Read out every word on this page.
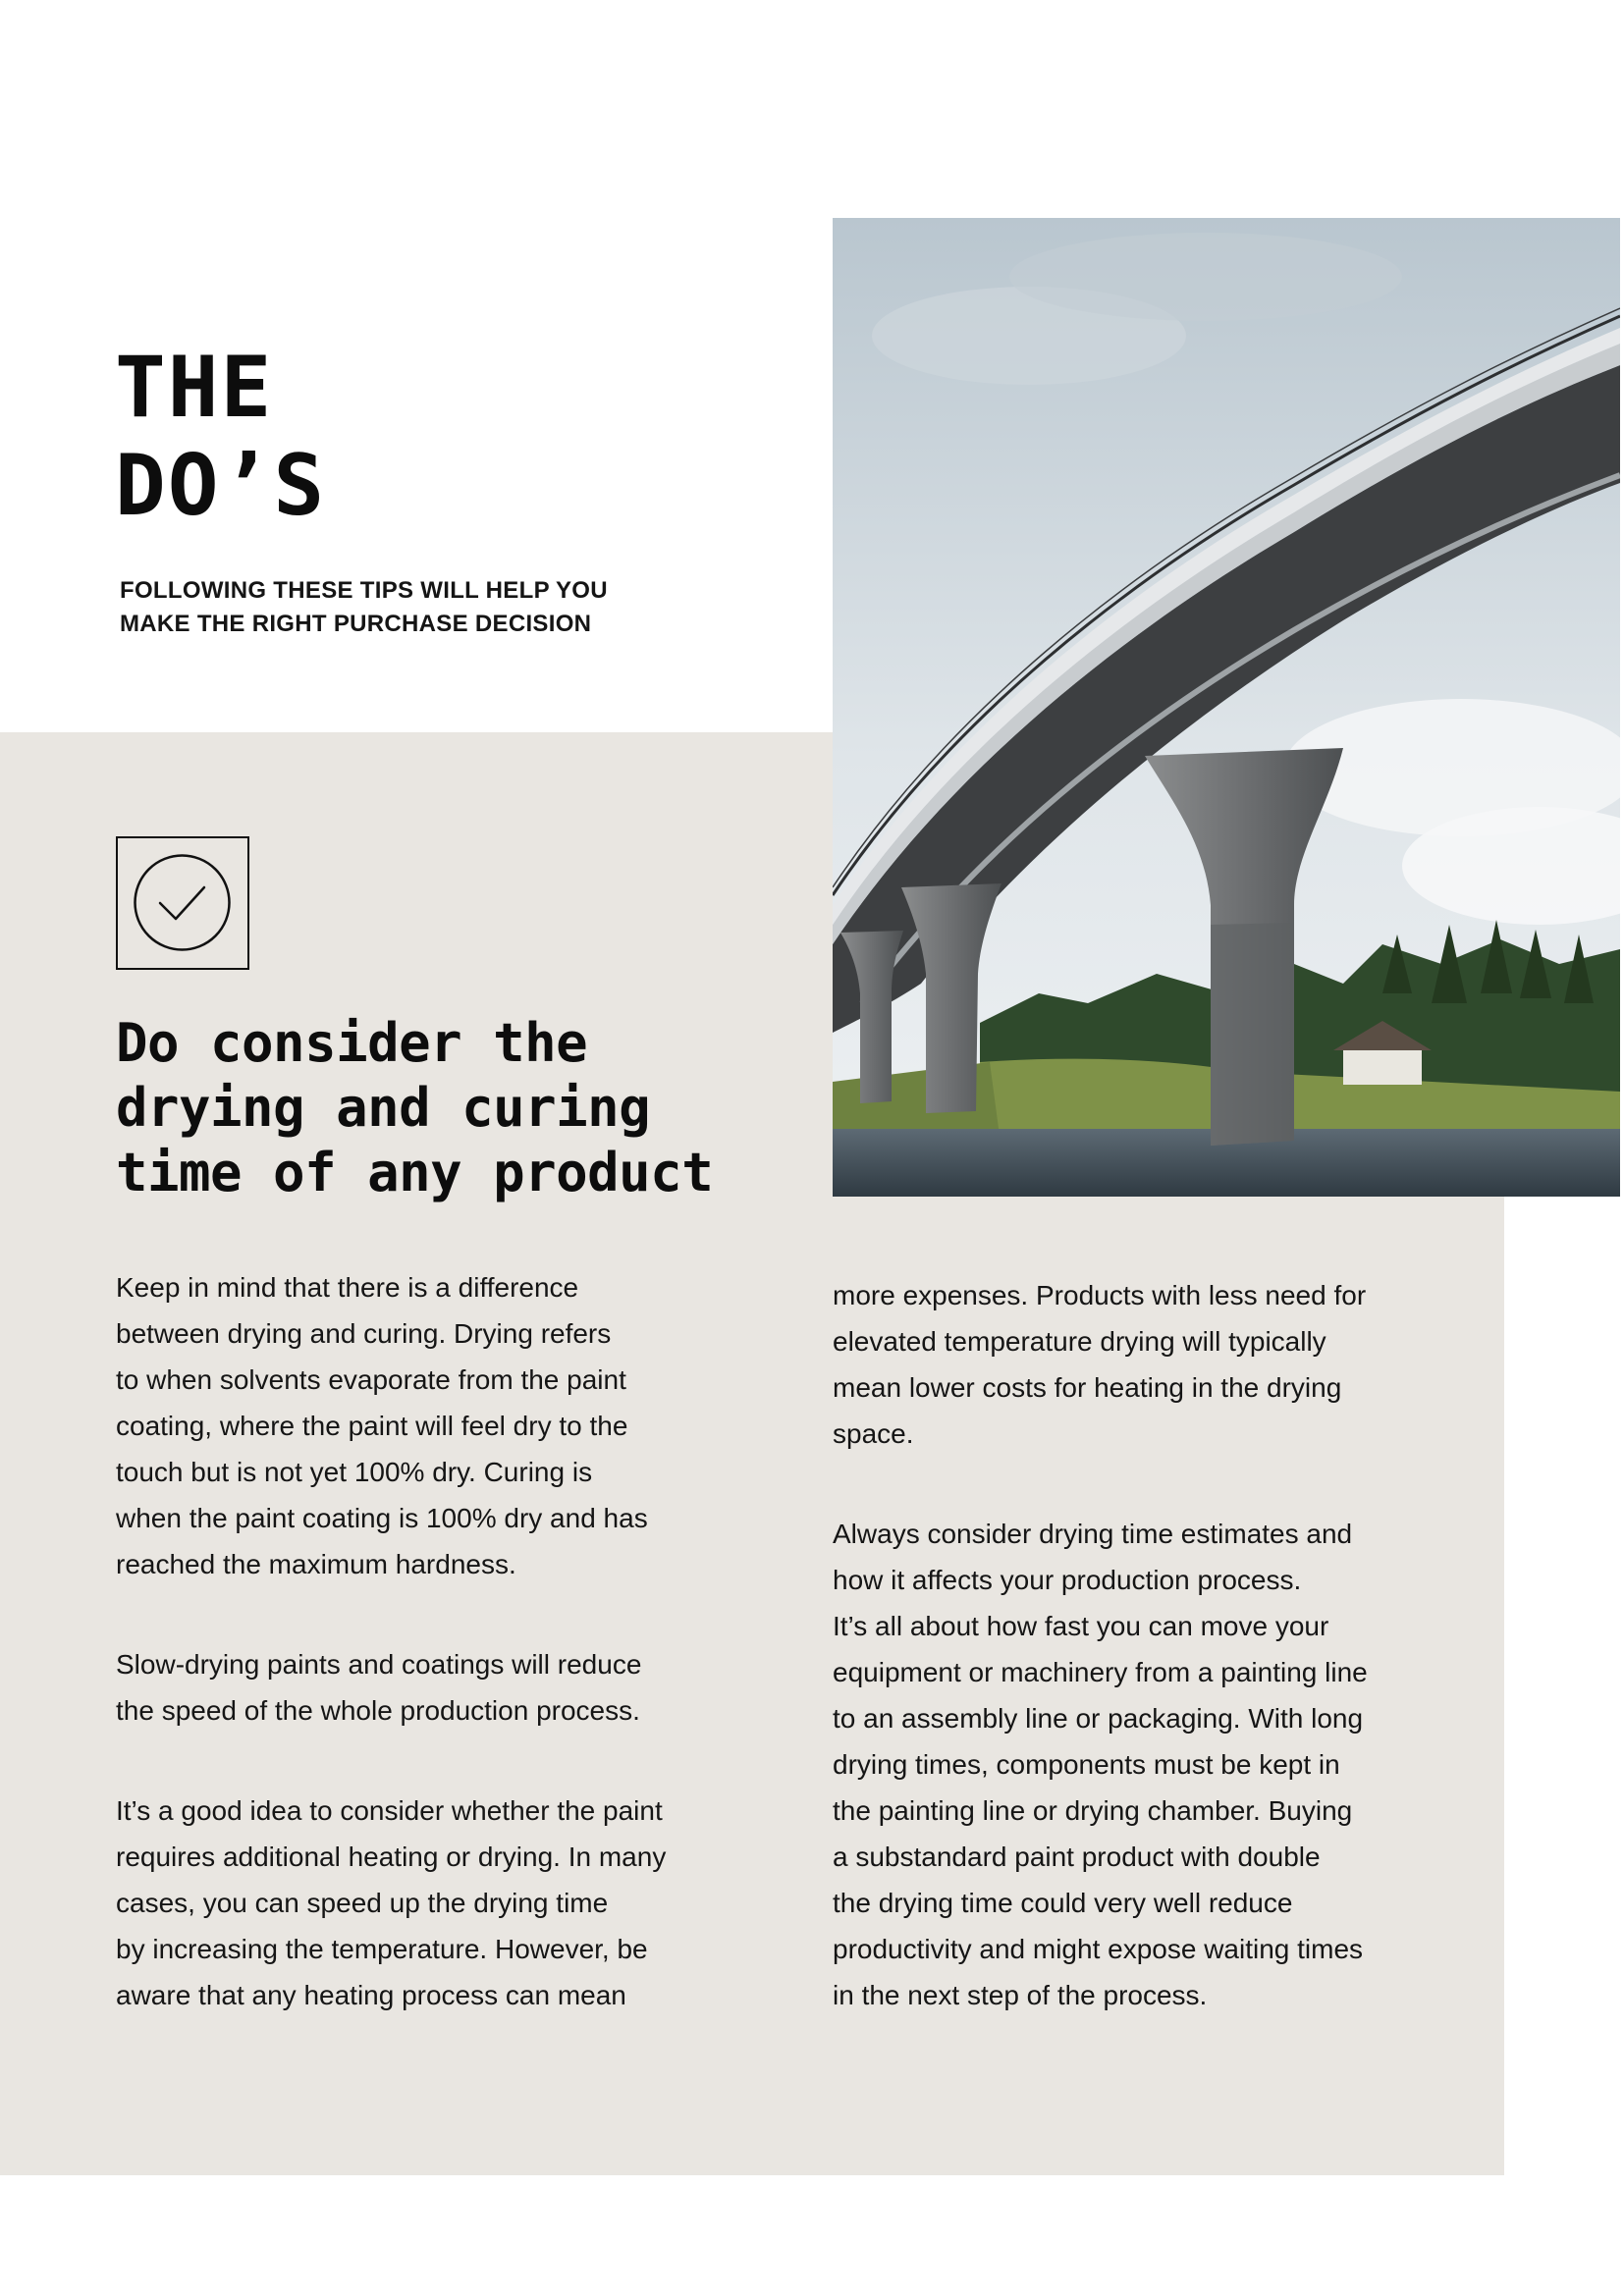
THE
DO’S
FOLLOWING THESE TIPS WILL HELP YOU
MAKE THE RIGHT PURCHASE DECISION
Do consider the
drying and curing
time of any product

Keep in mind that there is a difference
between drying and curing. Drying refers
to when solvents evaporate from the paint
coating, where the paint will feel dry to the
touch but is not yet 100% dry. Curing is
when the paint coating is 100% dry and has
reached the maximum hardness.

Slow-drying paints and coatings will reduce
the speed of the whole production process.

It’s a good idea to consider whether the paint
requires additional heating or drying. In many
cases, you can speed up the drying time
by increasing the temperature. However, be
aware that any heating process can mean

more expenses. Products with less need for
elevated temperature drying will typically
mean lower costs for heating in the drying
space.

Always consider drying time estimates and
how it affects your production process.
It’s all about how fast you can move your
equipment or machinery from a painting line
to an assembly line or packaging. With long
drying times, components must be kept in
the painting line or drying chamber. Buying
a substandard paint product with double
the drying time could very well reduce
productivity and might expose waiting times
in the next step of the process.
